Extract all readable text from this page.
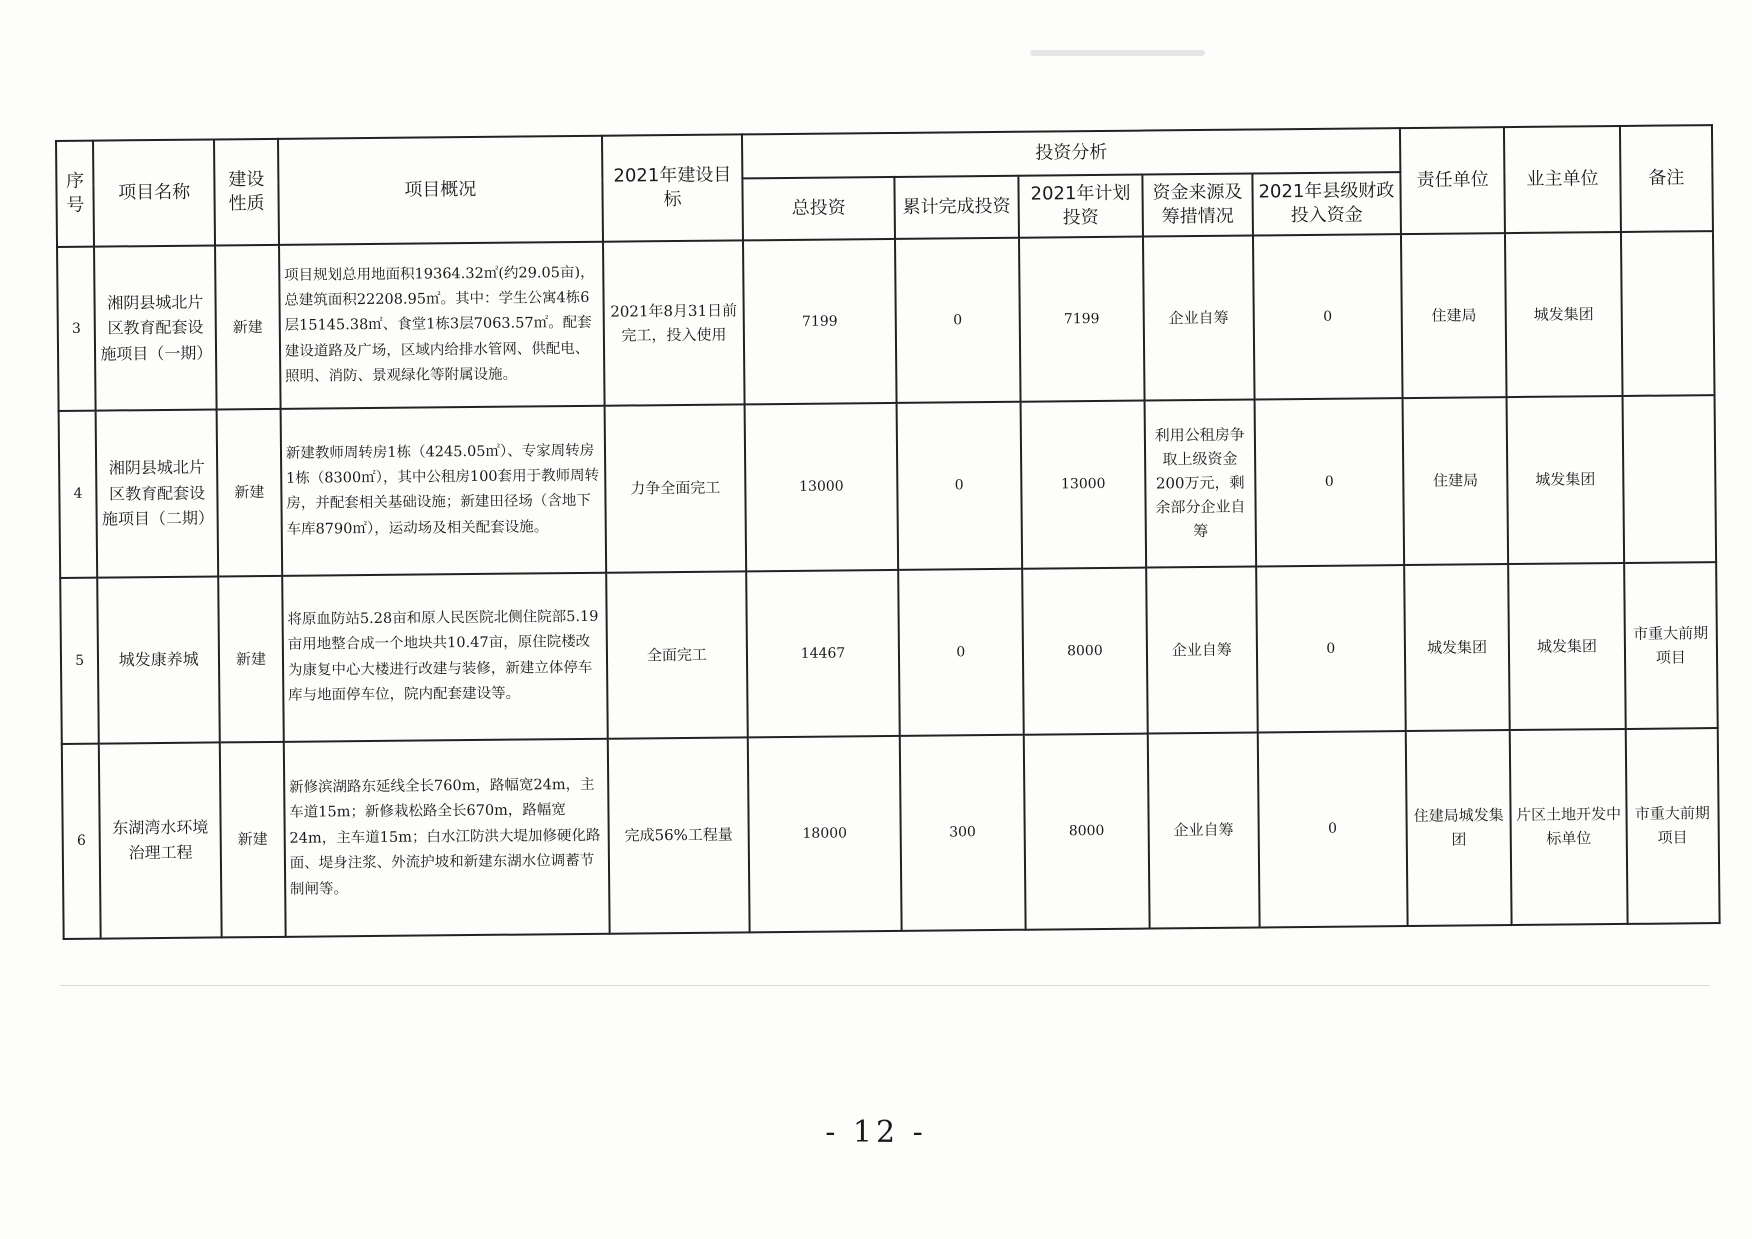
序号	项目名称	建设性质	项目概况	2021年建设目标	投资分析					责任单位	业主单位	备注
					总投资	累计完成投资	2021年计划投资	资金来源及筹措情况	2021年县级财政投入资金			
3	湘阴县城北片区教育配套设施项目（一期）	新建	项目规划总用地面积19364.32㎡(约29.05亩)，总建筑面积22208.95㎡。其中：学生公寓4栋6层15145.38㎡、食堂1栋3层7063.57㎡。配套建设道路及广场，区域内给排水管网、供配电、照明、消防、景观绿化等附属设施。	2021年8月31日前完工，投入使用	7199	0	7199	企业自筹	0	住建局	城发集团	
4	湘阴县城北片区教育配套设施项目（二期）	新建	新建教师周转房1栋（4245.05㎡）、专家周转房1栋（8300㎡），其中公租房100套用于教师周转房，并配套相关基础设施；新建田径场（含地下车库8790㎡），运动场及相关配套设施。	力争全面完工	13000	0	13000	利用公租房争取上级资金200万元，剩余部分企业自筹	0	住建局	城发集团	
5	城发康养城	新建	将原血防站5.28亩和原人民医院北侧住院部5.19亩用地整合成一个地块共10.47亩，原住院楼改为康复中心大楼进行改建与装修，新建立体停车库与地面停车位，院内配套建设等。	全面完工	14467	0	8000	企业自筹	0	城发集团	城发集团	市重大前期项目
6	东湖湾水环境治理工程	新建	新修滨湖路东延线全长760m，路幅宽24m，主车道15m；新修栽松路全长670m，路幅宽24m，主车道15m；白水江防洪大堤加修硬化路面、堤身注浆、外流护坡和新建东湖水位调蓄节制闸等。	完成56%工程量	18000	300	8000	企业自筹	0	住建局城发集团	片区土地开发中标单位	市重大前期项目
- 12 -
